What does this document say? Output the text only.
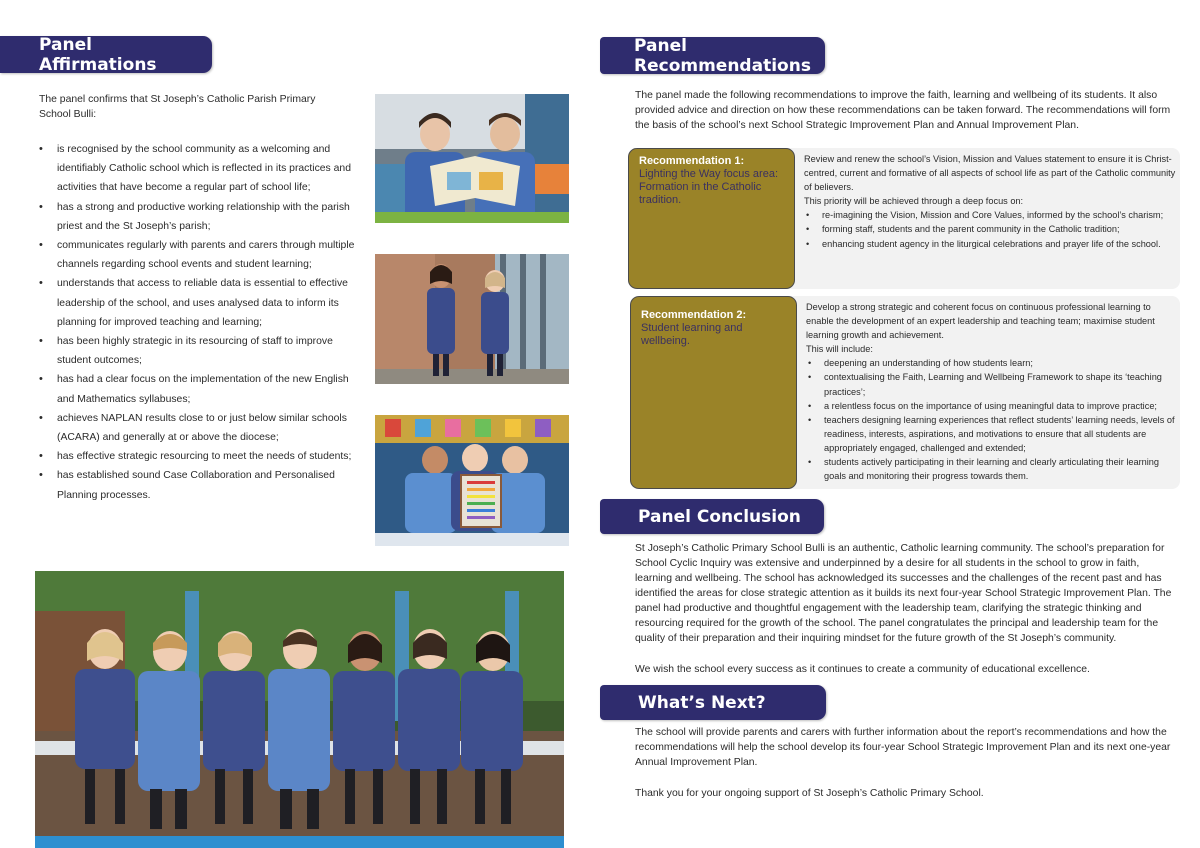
Panel Affirmations
Panel Recommendations
Panel Conclusion
What’s Next?

The panel confirms that St Joseph’s Catholic Parish Primary School Bulli:

• is recognised by the school community as a welcoming and identifiably Catholic school which is reflected in its practices and activities that have become a regular part of school life;
• has a strong and productive working relationship with the parish priest and the St Joseph’s parish;
• communicates regularly with parents and carers through multiple channels regarding school events and student learning;
• understands that access to reliable data is essential to effective leadership of the school, and uses analysed data to inform its planning for improved teaching and learning;
• has been highly strategic in its resourcing of staff to improve student outcomes;
• has had a clear focus on the implementation of the new English and Mathematics syllabuses;
• achieves NAPLAN results close to or just below similar schools (ACARA) and generally at or above the diocese;
• has effective strategic resourcing to meet the needs of students;
• has established sound Case Collaboration and Personalised Planning processes.

The panel made the following recommendations to improve the faith, learning and wellbeing of its students. It also provided advice and direction on how these recommendations can be taken forward. The recommendations will form the basis of the school’s next School Strategic Improvement Plan and Annual Improvement Plan.

Recommendation 1:
Lighting the Way focus area: Formation in the Catholic tradition.

Review and renew the school’s Vision, Mission and Values statement to ensure it is Christ-centred, current and formative of all aspects of school life as part of the Catholic community of believers.

This priority will be achieved through a deep focus on:

• re-imagining the Vision, Mission and Core Values, informed by the school’s charism;
• forming staff, students and the parent community in the Catholic tradition;
• enhancing student agency in the liturgical celebrations and prayer life of the school.
Recommendation 2:
Student learning and wellbeing.

Develop a strong strategic and coherent focus on continuous professional learning to enable the development of an expert leadership and teaching team; maximise student learning growth and achievement.

This will include:

• deepening an understanding of how students learn;
• contextualising the Faith, Learning and Wellbeing Framework to shape its ‘teaching practices’;
• a relentless focus on the importance of using meaningful data to improve practice;
• teachers designing learning experiences that reflect students’ learning needs, levels of readiness, interests, aspirations, and motivations to ensure that all students are appropriately engaged, challenged and extended;
• students actively participating in their learning and clearly articulating their learning goals and monitoring their progress towards them.

St Joseph’s Catholic Primary School Bulli is an authentic, Catholic learning community. The school’s preparation for School Cyclic Inquiry was extensive and underpinned by a desire for all students in the school to grow in faith, learning and wellbeing. The school has acknowledged its successes and the challenges of the recent past and has identified the areas for close strategic attention as it builds its next four-year School Strategic Improvement Plan. The panel had productive and thoughtful engagement with the leadership team, clarifying the strategic thinking and resourcing required for the growth of the school. The panel congratulates the principal and leadership team for the quality of their preparation and their inquiring mindset for the future growth of the St Joseph’s community.

We wish the school every success as it continues to create a community of educational excellence.

The school will provide parents and carers with further information about the report’s recommendations and how the recommendations will help the school develop its four-year School Strategic Improvement Plan and its next one-year Annual Improvement Plan.

Thank you for your ongoing support of St Joseph’s Catholic Primary School.
